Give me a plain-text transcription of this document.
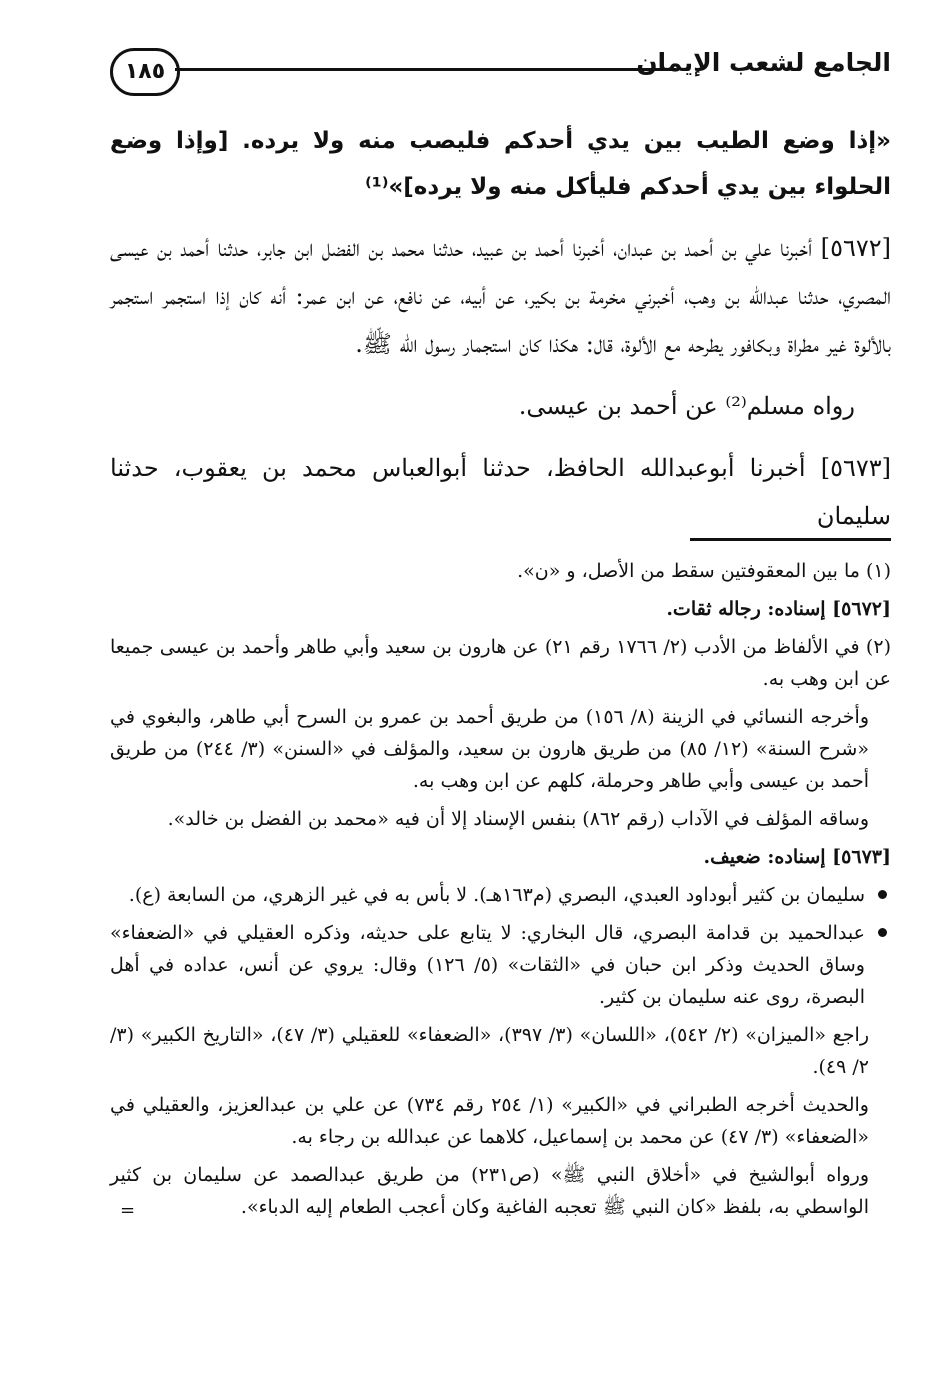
الجامع لشعب الإيمان
١٨٥

«إذا وضع الطيب بين يدي أحدكم فليصب منه ولا يرده. [وإذا وضع الحلواء بين يدي أحدكم فليأكل منه ولا يرده]»⁽¹⁾

[٥٦٧٢] أخبرنا علي بن أحمد بن عبدان، أخبرنا أحمد بن عبيد، حدثنا محمد بن الفضل ابن جابر، حدثنا أحمد بن عيسى المصري، حدثنا عبدالله بن وهب، أخبرني مخرمة بن بكير، عن أبيه، عن نافع، عن ابن عمر: أنه كان إذا استجمر استجمر بالألوة غير مطراة وبكافور يطرحه مع الألوة، قال: هكذا كان استجمار رسول الله ﷺ.

رواه مسلم⁽²⁾ عن أحمد بن عيسى.

[٥٦٧٣] أخبرنا أبوعبدالله الحافظ، حدثنا أبوالعباس محمد بن يعقوب، حدثنا سليمان

(١) ما بين المعقوفتين سقط من الأصل، و «ن».

[٥٦٧٢] إسناده: رجاله ثقات.

(٢) في الألفاظ من الأدب (٢/ ١٧٦٦ رقم ٢١) عن هارون بن سعيد وأبي طاهر وأحمد بن عيسى جميعا عن ابن وهب به.

وأخرجه النسائي في الزينة (٨/ ١٥٦) من طريق أحمد بن عمرو بن السرح أبي طاهر، والبغوي في «شرح السنة» (١٢/ ٨٥) من طريق هارون بن سعيد، والمؤلف في «السنن» (٣/ ٢٤٤) من طريق أحمد بن عيسى وأبي طاهر وحرملة، كلهم عن ابن وهب به.

وساقه المؤلف في الآداب (رقم ٨٦٢) بنفس الإسناد إلا أن فيه «محمد بن الفضل بن خالد».

[٥٦٧٣] إسناده: ضعيف.

سليمان بن كثير أبوداود العبدي، البصري (م١٦٣هـ). لا بأس به في غير الزهري، من السابعة (ع).

عبدالحميد بن قدامة البصري، قال البخاري: لا يتابع على حديثه، وذكره العقيلي في «الضعفاء» وساق الحديث وذكر ابن حبان في «الثقات» (٥/ ١٢٦) وقال: يروي عن أنس، عداده في أهل البصرة، روى عنه سليمان بن كثير.

راجع «الميزان» (٢/ ٥٤٢)، «اللسان» (٣/ ٣٩٧)، «الضعفاء» للعقيلي (٣/ ٤٧)، «التاريخ الكبير» (٣/ ٢/ ٤٩).

والحديث أخرجه الطبراني في «الكبير» (١/ ٢٥٤ رقم ٧٣٤) عن علي بن عبدالعزيز، والعقيلي في «الضعفاء» (٣/ ٤٧) عن محمد بن إسماعيل، كلاهما عن عبدالله بن رجاء به.

ورواه أبوالشيخ في «أخلاق النبي ﷺ» (ص٢٣١) من طريق عبدالصمد عن سليمان بن كثير الواسطي به، بلفظ «كان النبي ﷺ تعجبه الفاغية وكان أعجب الطعام إليه الدباء».

=
